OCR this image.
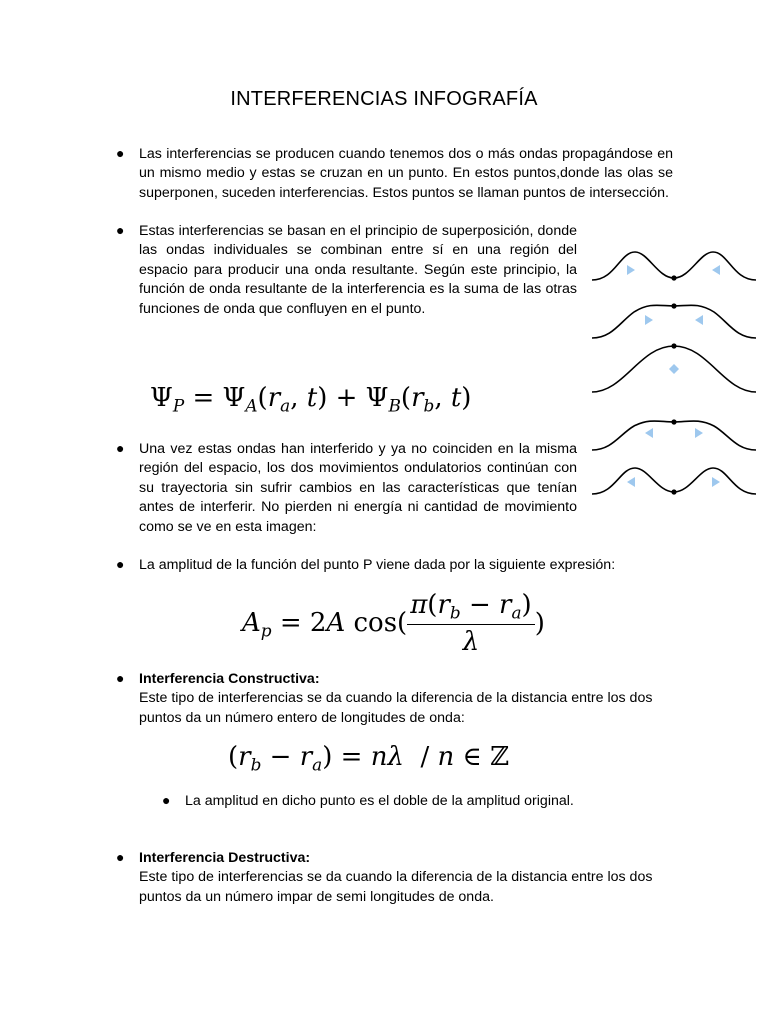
INTERFERENCIAS INFOGRAFÍA
● Las interferencias se producen cuando tenemos dos o más ondas propagándose en un mismo medio y estas se cruzan en un punto. En estos puntos,donde las olas se superponen, suceden interferencias. Estos puntos se llaman puntos de intersección.
● Estas interferencias se basan en el principio de superposición, donde las ondas individuales se combinan entre sí en una región del espacio para producir una onda resultante. Según este principio, la función de onda resultante de la interferencia es la suma de las otras funciones de onda que confluyen en el punto.
$\Psi_P = \Psi_A(r_a$, $t) + \Psi_B(r_b$, t)
● Una vez estas ondas han interferido y ya no coinciden en la misma región del espacio, los dos movimientos ondulatorios continúan con su trayectoria sin sufrir cambios en las características que tenían antes de interferir. No pierden ni energía ni cantidad de movimiento como se ve en esta imagen:
● La amplitud de la función del punto P viene dada por la siguiente expresión:
$A_p = 2A$ $\cos( \frac{\pi(r_b - r_a)}{\lambda}$ )
● Interferencia Constructiva:
Este tipo de interferencias se da cuando la diferencia de la distancia entre los dos puntos da un número entero de longitudes de onda:
$(r_b - r_a) = n\lambda / n$ ∈ ℤ
● La amplitud en dicho punto es el doble de la amplitud original.
● Interferencia Destructiva:
Este tipo de interferencias se da cuando la diferencia de la distancia entre los dos puntos da un número impar de semi longitudes de onda.
